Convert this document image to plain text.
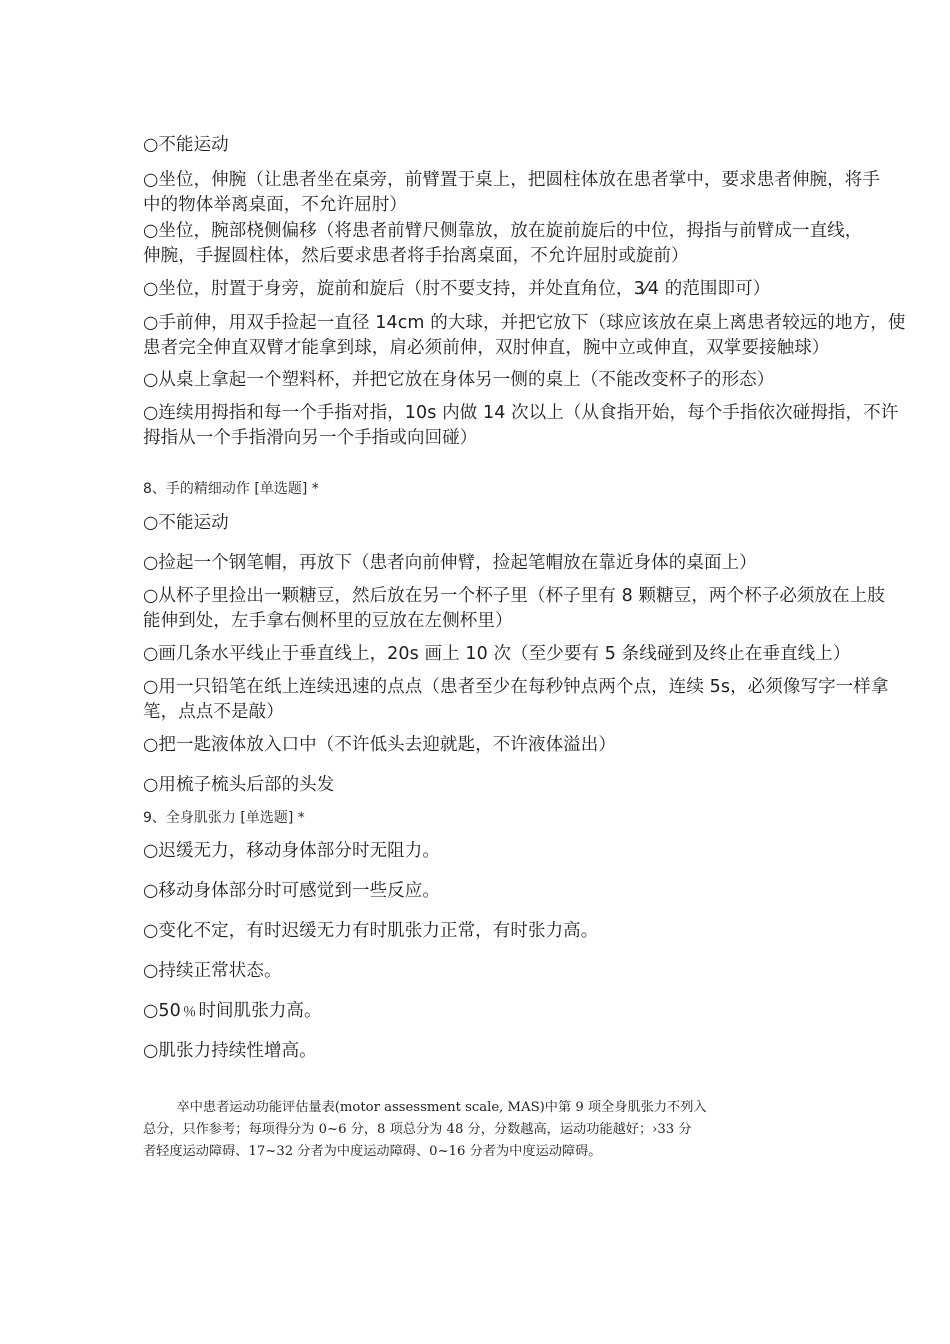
○不能运动
○坐位，伸腕（让患者坐在桌旁，前臂置于桌上，把圆柱体放在患者掌中，要求患者伸腕，将手
中的物体举离桌面，不允许屈肘）
○坐位，腕部桡侧偏移（将患者前臂尺侧靠放，放在旋前旋后的中位，拇指与前臂成一直线，
伸腕，手握圆柱体，然后要求患者将手抬离桌面，不允许屈肘或旋前）
○坐位，肘置于身旁，旋前和旋后（肘不要支持，并处直角位，3⁄4 的范围即可）
○手前伸，用双手捡起一直径 14cm 的大球，并把它放下（球应该放在桌上离患者较远的地方，使
患者完全伸直双臂才能拿到球，肩必须前伸，双肘伸直，腕中立或伸直，双掌要接触球）
○从桌上拿起一个塑料杯，并把它放在身体另一侧的桌上（不能改变杯子的形态）
○连续用拇指和每一个手指对指，10s 内做 14 次以上（从食指开始，每个手指依次碰拇指，不许
拇指从一个手指滑向另一个手指或向回碰）
8、手的精细动作 [单选题] *
○不能运动
○捡起一个钢笔帽，再放下（患者向前伸臂，捡起笔帽放在靠近身体的桌面上）
○从杯子里捡出一颗糖豆，然后放在另一个杯子里（杯子里有 8 颗糖豆，两个杯子必须放在上肢
能伸到处，左手拿右侧杯里的豆放在左侧杯里）
○画几条水平线止于垂直线上，20s 画上 10 次（至少要有 5 条线碰到及终止在垂直线上）
○用一只铅笔在纸上连续迅速的点点（患者至少在每秒钟点两个点，连续 5s，必须像写字一样拿
笔，点点不是敲）
○把一匙液体放入口中（不许低头去迎就匙，不许液体溢出）
○用梳子梳头后部的头发
9、全身肌张力 [单选题] *
○迟缓无力，移动身体部分时无阻力。
○移动身体部分时可感觉到一些反应。
○变化不定，有时迟缓无力有时肌张力正常，有时张力高。
○持续正常状态。
○50﹪时间肌张力高。
○肌张力持续性增高。
卒中患者运动功能评估量表(motor assessment scale, MAS)中第 9 项全身肌张力不列入
总分，只作参考；每项得分为 0~6 分，8 项总分为 48 分，分数越高，运动功能越好；›33 分
者轻度运动障碍、17~32 分者为中度运动障碍、0~16 分者为中度运动障碍。
